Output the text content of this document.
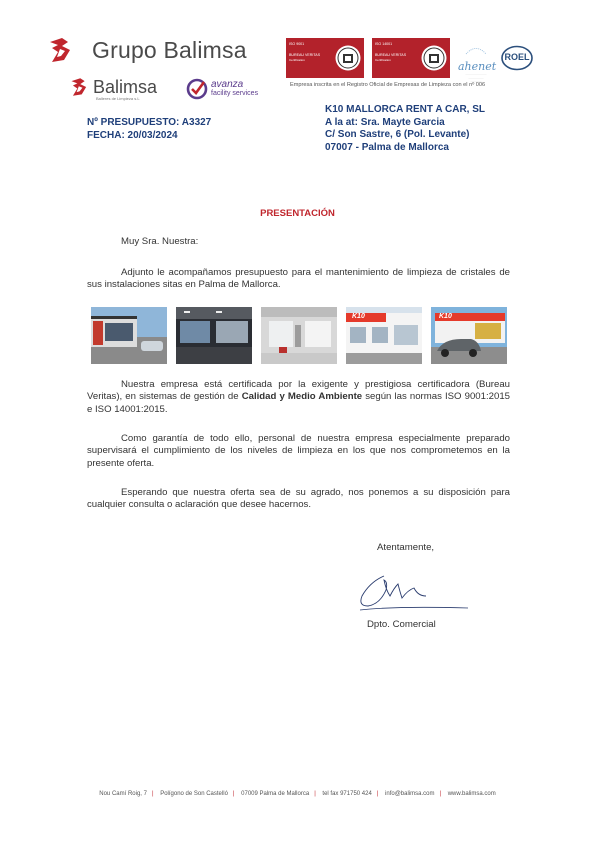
Grupo Balimsa
Balimsa
Balleres de Limpieza s.L
avanza
facility services
ISO 9001
BUREAU VERITAS
Certification
ISO 14001
BUREAU VERITAS
Certification	ahenet
·····················
···············
···········
ROEL
Empresa inscrita en el Registro Oficial de Empresas de Limpieza con el nº 006
Nº PRESUPUESTO: A3327
FECHA: 20/03/2024
K10 MALLORCA RENT A CAR, SL
A la at: Sra. Mayte Garcia
C/ Son Sastre, 6 (Pol. Levante)
07007 - Palma de Mallorca
PRESENTACIÓN

Muy Sra. Nuestra:

Adjunto le acompañamos presupuesto para el mantenimiento de limpieza de cristales de sus instalaciones sitas en Palma de Mallorca.

K10	K10

Nuestra empresa está certificada por la exigente y prestigiosa certificadora (Bureau Veritas), en sistemas de gestión de Calidad y Medio Ambiente según las normas ISO 9001:2015 e ISO 14001:2015.

Como garantía de todo ello, personal de nuestra empresa especialmente preparado supervisará el cumplimiento de los niveles de limpieza en los que nos comprometemos en la presente oferta.

Esperando que nuestra oferta sea de su agrado, nos ponemos a su disposición para cualquier consulta o aclaración que desee hacernos.

Atentamente,
Dpto. Comercial
Nou Camí Roig, 7 | Polígono de Son Castelló | 07009 Palma de Mallorca | tel fax 971750 424 | info@balimsa.com | www.balimsa.com
